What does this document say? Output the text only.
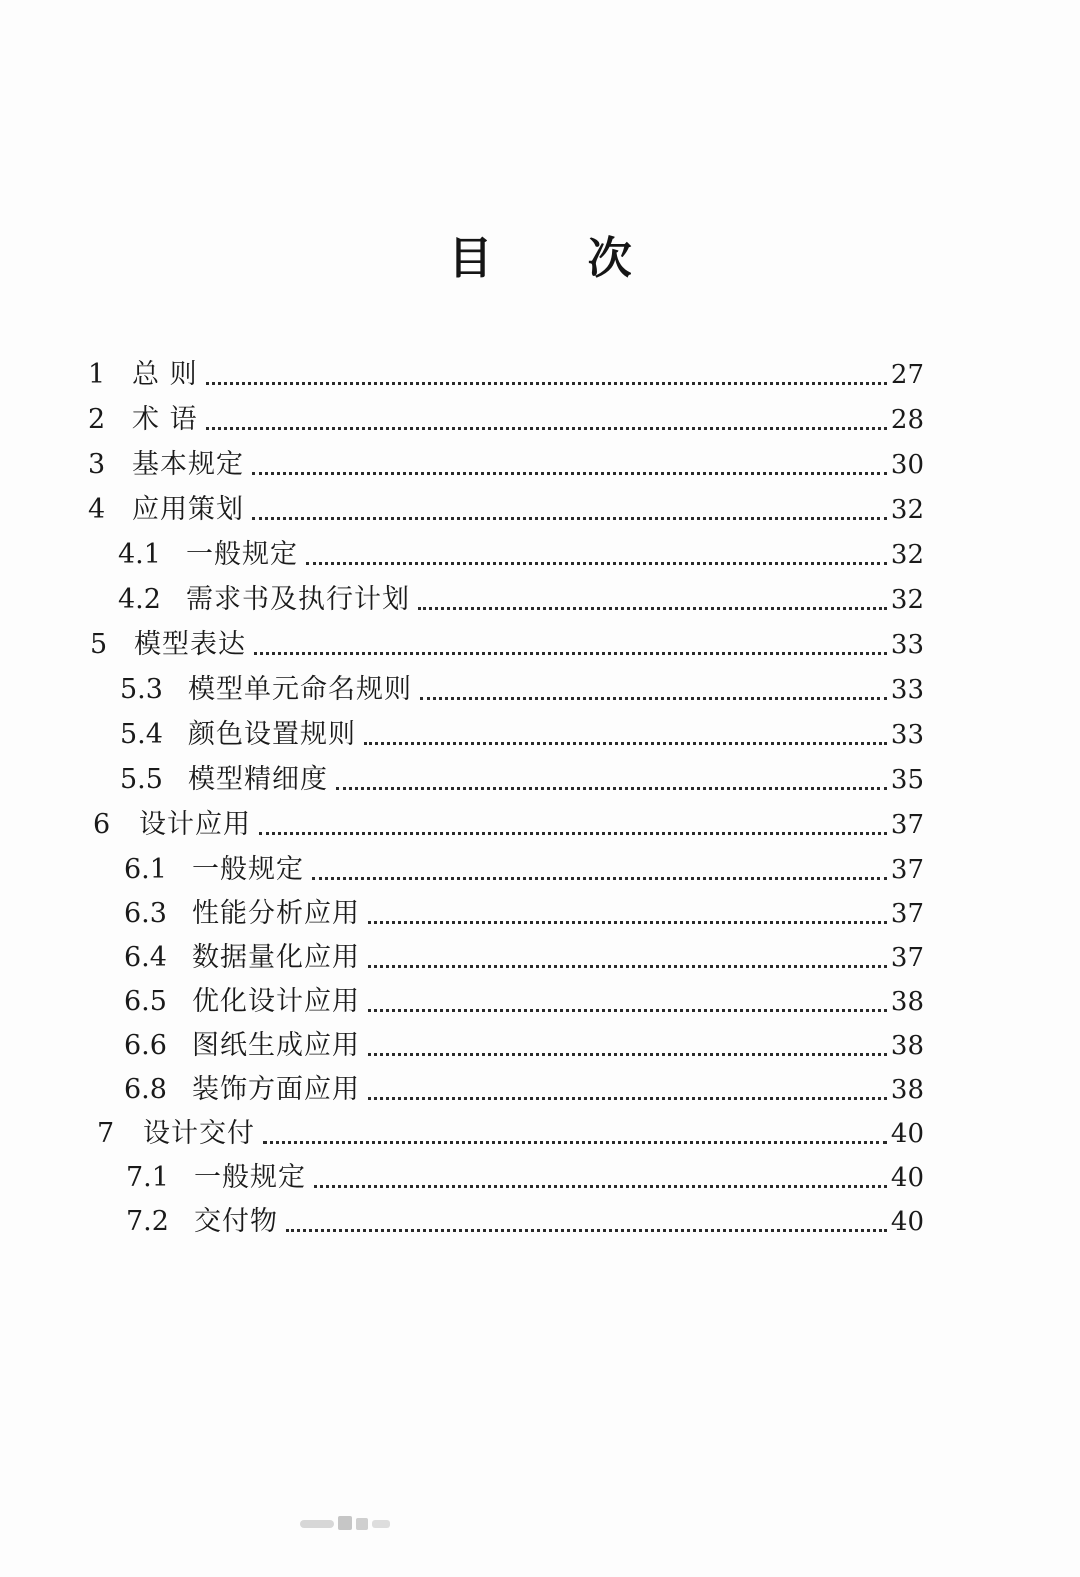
目 次
1 总 则	27
2 术 语	28
3 基本规定	30
4 应用策划	32
4.1 一般规定	32
4.2 需求书及执行计划	32
5 模型表达	33
5.3 模型单元命名规则	33
5.4 颜色设置规则	33
5.5 模型精细度	35
6	设计应用	37
6.1 一般规定	37
6.3 性能分析应用	37
6.4 数据量化应用	37
6.5 优化设计应用	38
6.6 图纸生成应用	38
6.8 装饰方面应用	38
7	设计交付	40
7.1 一般规定	40
7.2 交付物	40
